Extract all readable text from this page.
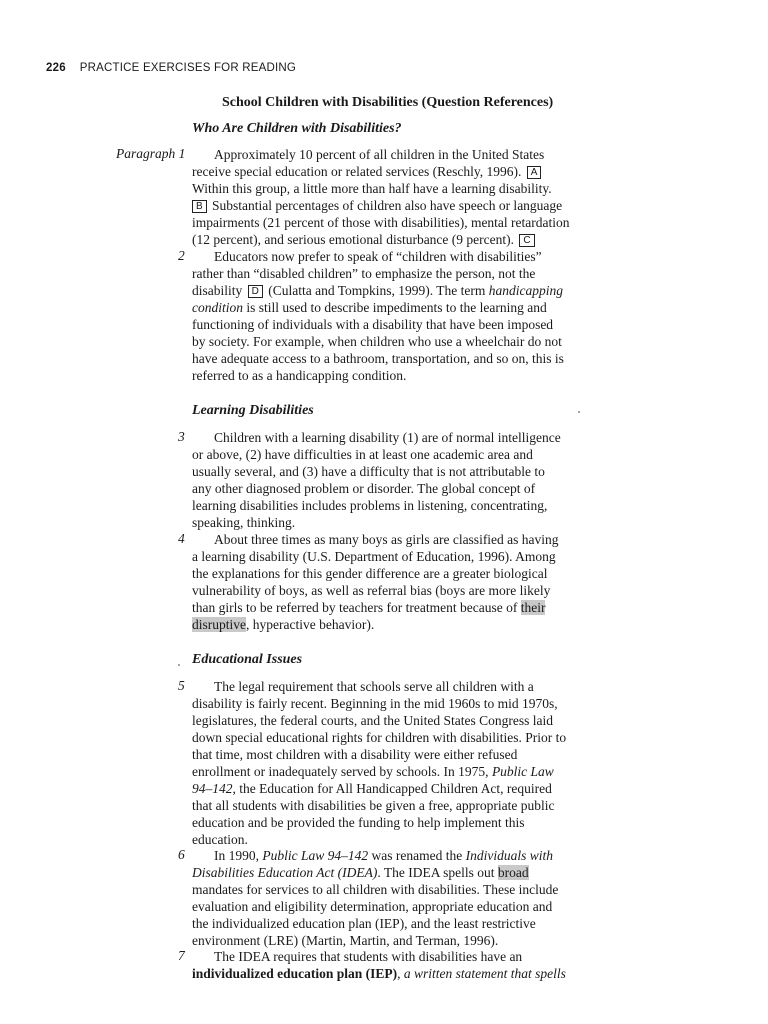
226 PRACTICE EXERCISES FOR READING
School Children with Disabilities (Question References)
Who Are Children with Disabilities?
Paragraph 1
2
3
4
5
6
7
Approximately 10 percent of all children in the United States
receive special education or related services (Reschly, 1996). A
Within this group, a little more than half have a learning disability.
B Substantial percentages of children also have speech or language
impairments (21 percent of those with disabilities), mental retardation
(12 percent), and serious emotional disturbance (9 percent). C
Educators now prefer to speak of “children with disabilities”
rather than “disabled children” to emphasize the person, not the
disability D (Culatta and Tompkins, 1999). The term handicapping
condition is still used to describe impediments to the learning and
functioning of individuals with a disability that have been imposed
by society. For example, when children who use a wheelchair do not
have adequate access to a bathroom, transportation, and so on, this is
referred to as a handicapping condition.
Learning Disabilities
Children with a learning disability (1) are of normal intelligence
or above, (2) have difficulties in at least one academic area and
usually several, and (3) have a difficulty that is not attributable to
any other diagnosed problem or disorder. The global concept of
learning disabilities includes problems in listening, concentrating,
speaking, thinking.
About three times as many boys as girls are classified as having
a learning disability (U.S. Department of Education, 1996). Among
the explanations for this gender difference are a greater biological
vulnerability of boys, as well as referral bias (boys are more likely
than girls to be referred by teachers for treatment because of their
disruptive, hyperactive behavior).
Educational Issues
The legal requirement that schools serve all children with a
disability is fairly recent. Beginning in the mid 1960s to mid 1970s,
legislatures, the federal courts, and the United States Congress laid
down special educational rights for children with disabilities. Prior to
that time, most children with a disability were either refused
enrollment or inadequately served by schools. In 1975, Public Law
94–142, the Education for All Handicapped Children Act, required
that all students with disabilities be given a free, appropriate public
education and be provided the funding to help implement this
education.
In 1990, Public Law 94–142 was renamed the Individuals with
Disabilities Education Act (IDEA). The IDEA spells out broad
mandates for services to all children with disabilities. These include
evaluation and eligibility determination, appropriate education and
the individualized education plan (IEP), and the least restrictive
environment (LRE) (Martin, Martin, and Terman, 1996).
The IDEA requires that students with disabilities have an
individualized education plan (IEP), a written statement that spells
